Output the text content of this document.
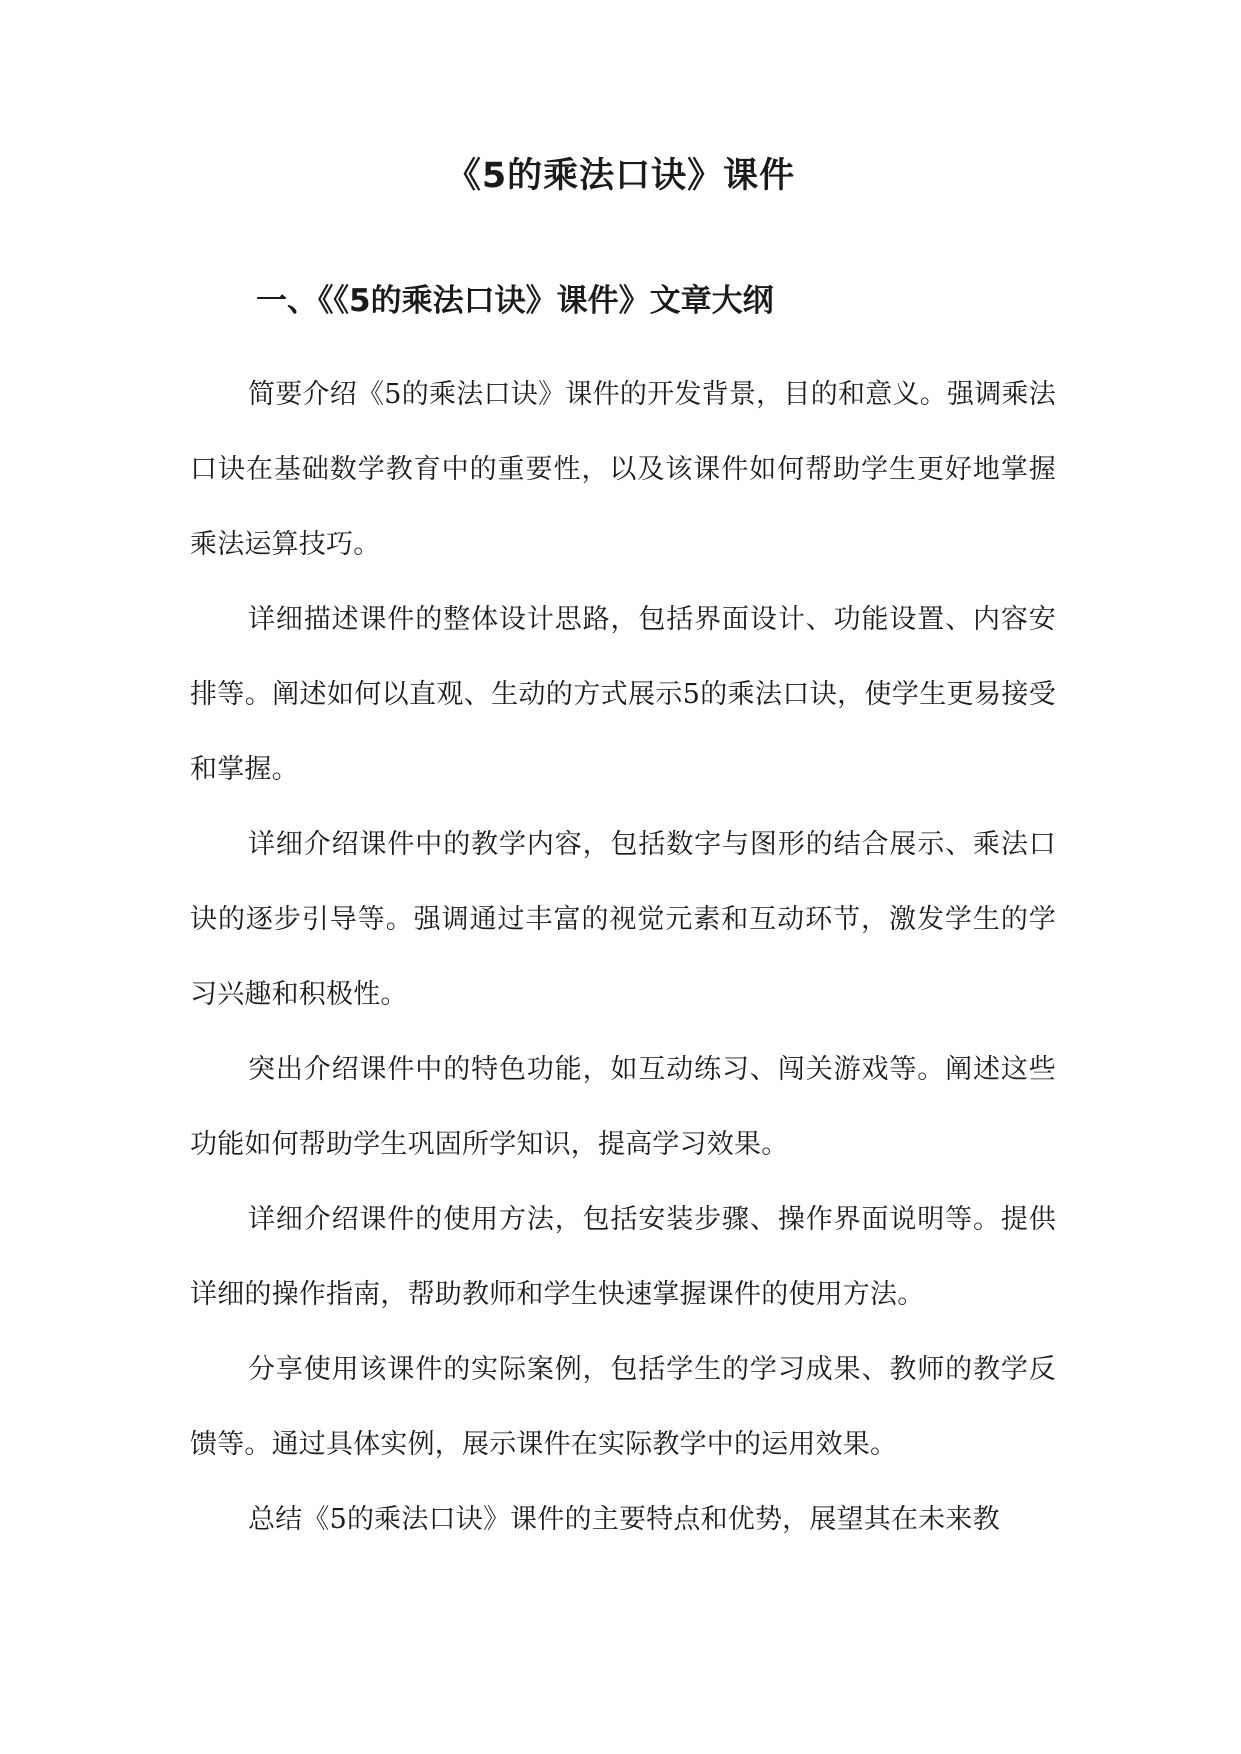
《5的乘法口诀》课件
一、《《5的乘法口诀》课件》文章大纲

简要介绍《5的乘法口诀》课件的开发背景，目的和意义。强调乘法口诀在基础数学教育中的重要性，以及该课件如何帮助学生更好地掌握乘法运算技巧。

详细描述课件的整体设计思路，包括界面设计、功能设置、内容安排等。阐述如何以直观、生动的方式展示5的乘法口诀，使学生更易接受和掌握。

详细介绍课件中的教学内容，包括数字与图形的结合展示、乘法口诀的逐步引导等。强调通过丰富的视觉元素和互动环节，激发学生的学习兴趣和积极性。

突出介绍课件中的特色功能，如互动练习、闯关游戏等。阐述这些功能如何帮助学生巩固所学知识，提高学习效果。

详细介绍课件的使用方法，包括安装步骤、操作界面说明等。提供详细的操作指南，帮助教师和学生快速掌握课件的使用方法。

分享使用该课件的实际案例，包括学生的学习成果、教师的教学反馈等。通过具体实例，展示课件在实际教学中的运用效果。

总结《5的乘法口诀》课件的主要特点和优势，展望其在未来教
